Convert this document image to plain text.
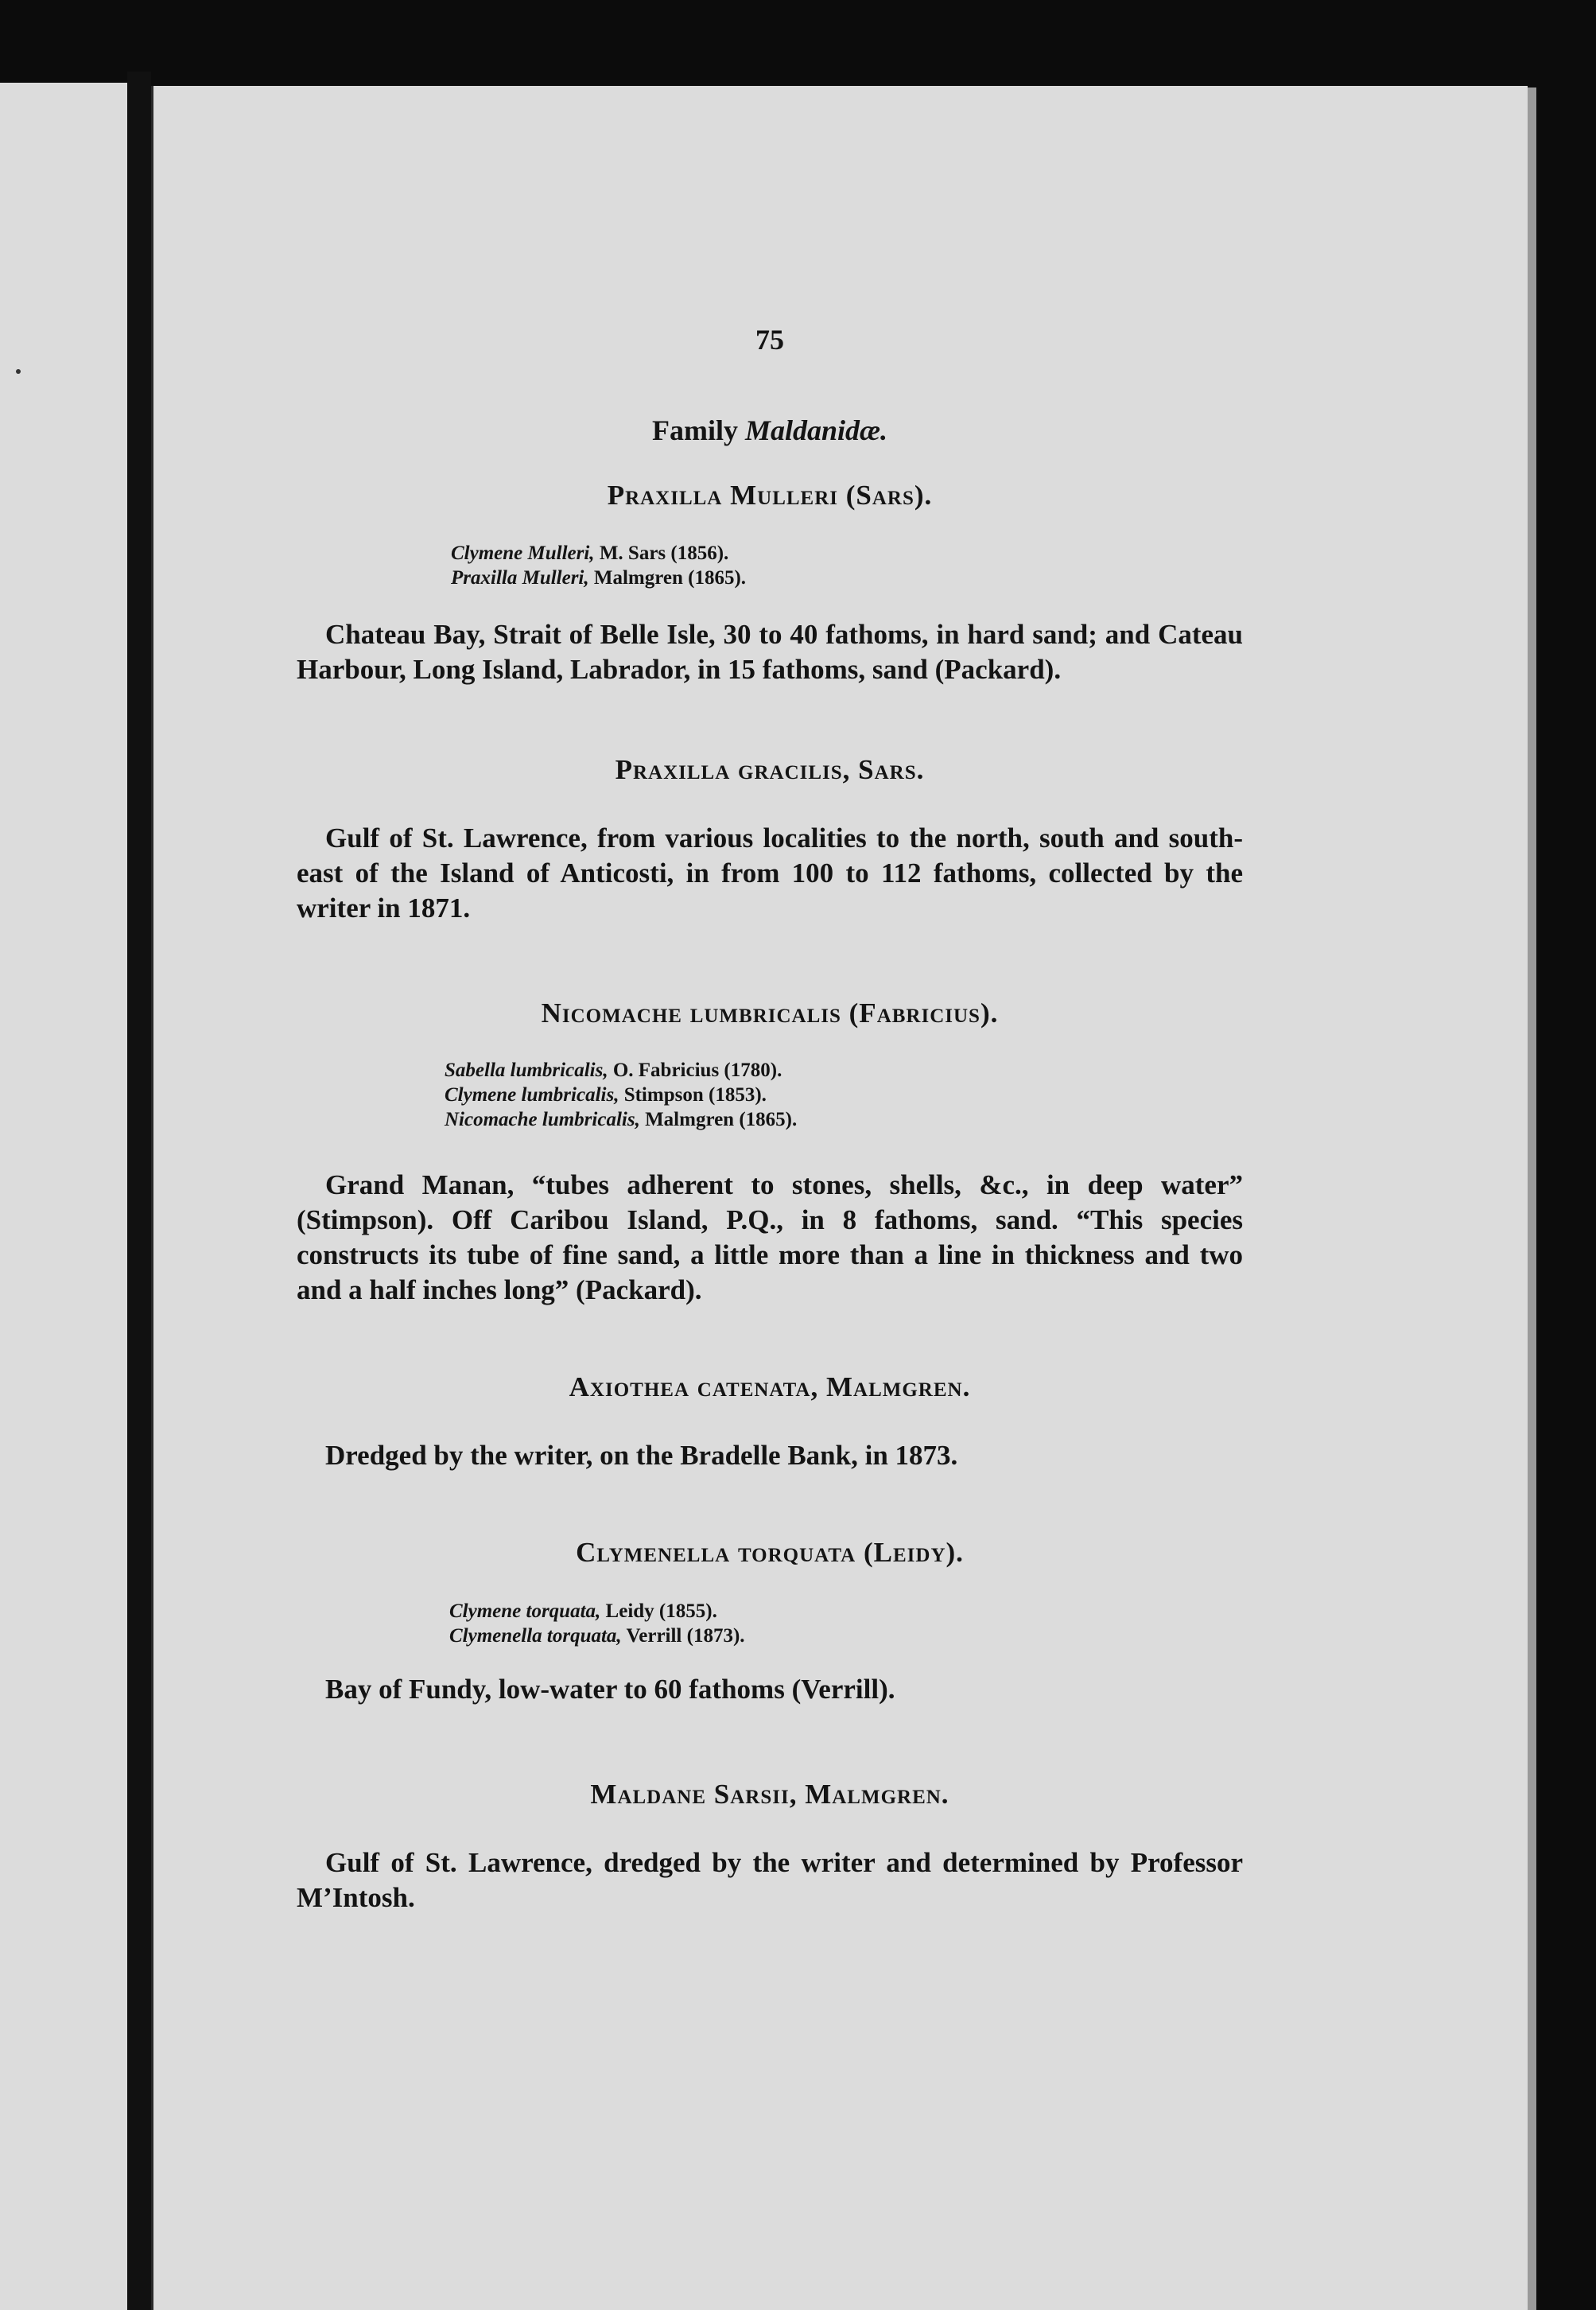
75
Family Maldanidæ.
Praxilla Mulleri (Sars).
Clymene Mulleri, M. Sars (1856).
Praxilla Mulleri, Malmgren (1865).

Chateau Bay, Strait of Belle Isle, 30 to 40 fathoms, in hard sand; and Cateau Harbour, Long Island, Labrador, in 15 fathoms, sand (Packard).

Praxilla gracilis, Sars.

Gulf of St. Lawrence, from various localities to the north, south and south-east of the Island of Anticosti, in from 100 to 112 fathoms, collected by the writer in 1871.

Nicomache lumbricalis (Fabricius).
Sabella lumbricalis, O. Fabricius (1780).
Clymene lumbricalis, Stimpson (1853).
Nicomache lumbricalis, Malmgren (1865).

Grand Manan, “tubes adherent to stones, shells, &c., in deep water” (Stimpson). Off Caribou Island, P.Q., in 8 fathoms, sand. “This species constructs its tube of fine sand, a little more than a line in thickness and two and a half inches long” (Packard).

Axiothea catenata, Malmgren.

Dredged by the writer, on the Bradelle Bank, in 1873.

Clymenella torquata (Leidy).
Clymene torquata, Leidy (1855).
Clymenella torquata, Verrill (1873).

Bay of Fundy, low-water to 60 fathoms (Verrill).

Maldane Sarsii, Malmgren.

Gulf of St. Lawrence, dredged by the writer and determined by Professor M’Intosh.
